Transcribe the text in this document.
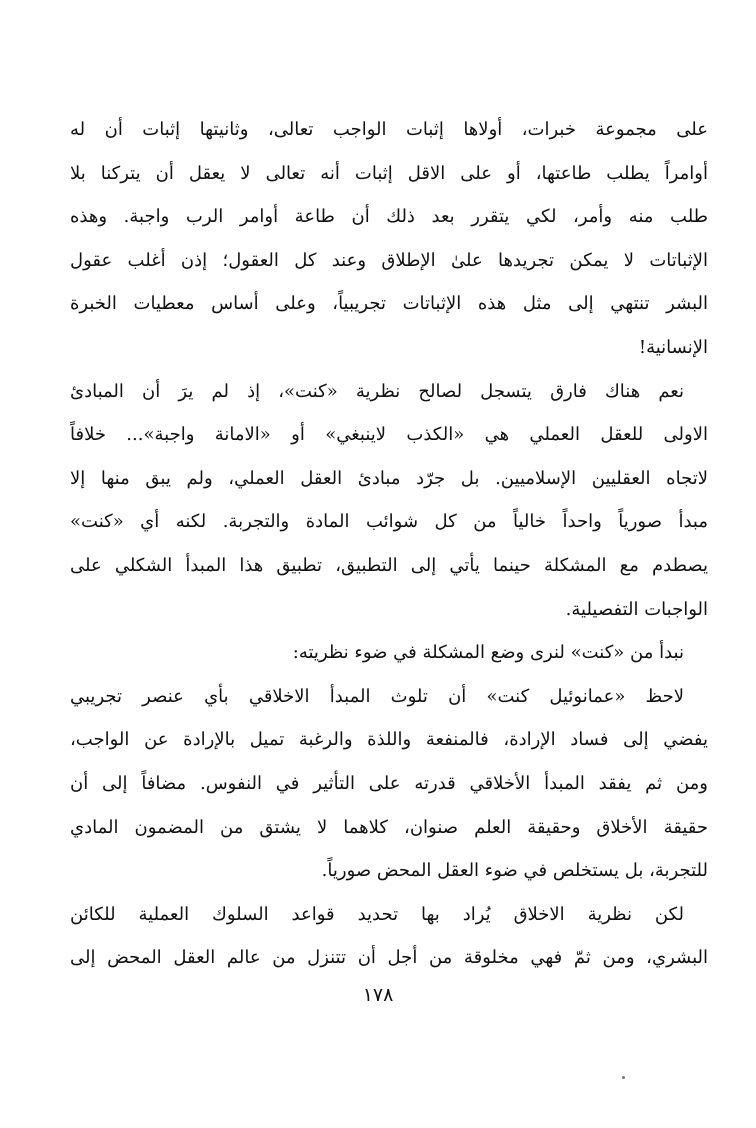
على مجموعة خبرات، أولاها إثبات الواجب تعالى، وثانيتها إثبات أن له
أوامراً يطلب طاعتها، أو على الاقل إثبات أنه تعالى لا يعقل أن يتركنا بلا
طلب منه وأمر، لكي يتقرر بعد ذلك أن طاعة أوامر الرب واجبة. وهذه
الإثباتات لا يمكن تجريدها علىٰ الإطلاق وعند كل العقول؛ إذن أغلب عقول
البشر تنتهي إلى مثل هذه الإثباتات تجريبياً، وعلى أساس معطيات الخبرة
الإنسانية!
نعم هناك فارق يتسجل لصالح نظرية «كنت»، إذ لم يرَ أن المبادئ
الاولى للعقل العملي هي «الكذب لاينبغي» أو «الامانة واجبة»... خلافاً
لاتجاه العقليين الإسلاميين. بل جرّد مبادئ العقل العملي، ولم يبق منها إلا
مبدأ صورياً واحداً خالياً من كل شوائب المادة والتجربة. لكنه أي «كنت»
يصطدم مع المشكلة حينما يأتي إلى التطبيق، تطبيق هذا المبدأ الشكلي على
الواجبات التفصيلية.
نبدأ من «كنت» لنرى وضع المشكلة في ضوء نظريته:
لاحظ «عمانوئيل كنت» أن تلوث المبدأ الاخلاقي بأي عنصر تجريبي
يفضي إلى فساد الإرادة، فالمنفعة واللذة والرغبة تميل بالإرادة عن الواجب،
ومن ثم يفقد المبدأ الأخلاقي قدرته على التأثير في النفوس. مضافاً إلى أن
حقيقة الأخلاق وحقيقة العلم صنوان، كلاهما لا يشتق من المضمون المادي
للتجربة، بل يستخلص في ضوء العقل المحض صورياً.
لكن نظرية الاخلاق يُراد بها تحديد قواعد السلوك العملية للكائن
البشري، ومن ثمّ فهي مخلوقة من أجل أن تتنزل من عالم العقل المحض إلى
١٧٨
